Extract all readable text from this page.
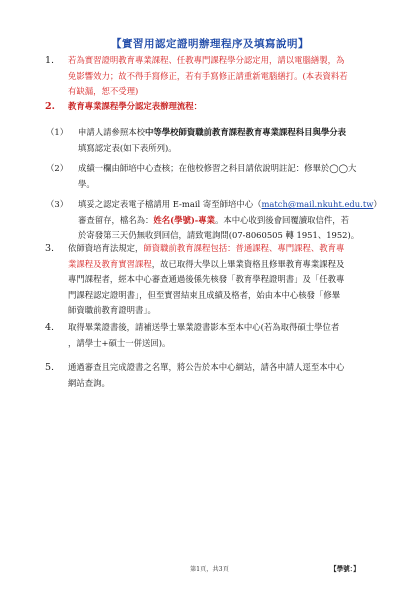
【實習用認定證明辦理程序及填寫說明】
1. 若為實習證明教育專業課程、任教專門課程學分認定用，請以電腦繕製，為
免影響效力；故不得手寫修正，若有手寫修正請重新電腦繕打。(本表資料若
有缺漏，恕不受理)
2. 教育專業課程學分認定表辦理流程：
（1） 申請人請參照本校中等學校師資職前教育課程教育專業課程科目與學分表
填寫認定表(如下表所列)。
（2） 成績一欄由師培中心查核；在他校修習之科目請依說明註記：修畢於◯◯大
學。
（3） 填妥之認定表電子檔請用 E-mail 寄至師培中心（match@mail.nkuht.edu.tw）
審查留存，檔名為：姓名(學號)-專業。本中心收到後會回覆讀取信件，若
於寄發第三天仍無收到回信，請致電詢問(07-8060505 轉 1951、1952)。
3. 依師資培育法規定，師資職前教育課程包括：普通課程、專門課程、教育專
業課程及教育實習課程，故已取得大學以上畢業資格且修畢教育專業課程及
專門課程者，經本中心審查通過後係先核發「教育學程證明書」及「任教專
門課程認定證明書」，但至實習結束且成績及格者，始由本中心核發「修畢
師資職前教育證明書」。
4. 取得畢業證書後，請補送學士畢業證書影本至本中心(若為取得碩士學位者
，請學士+碩士一併送回)。
5. 通過審查且完成證書之名單，將公告於本中心網站，請各申請人逕至本中心
網站查詢。
第1頁，共3頁	【學號：】
